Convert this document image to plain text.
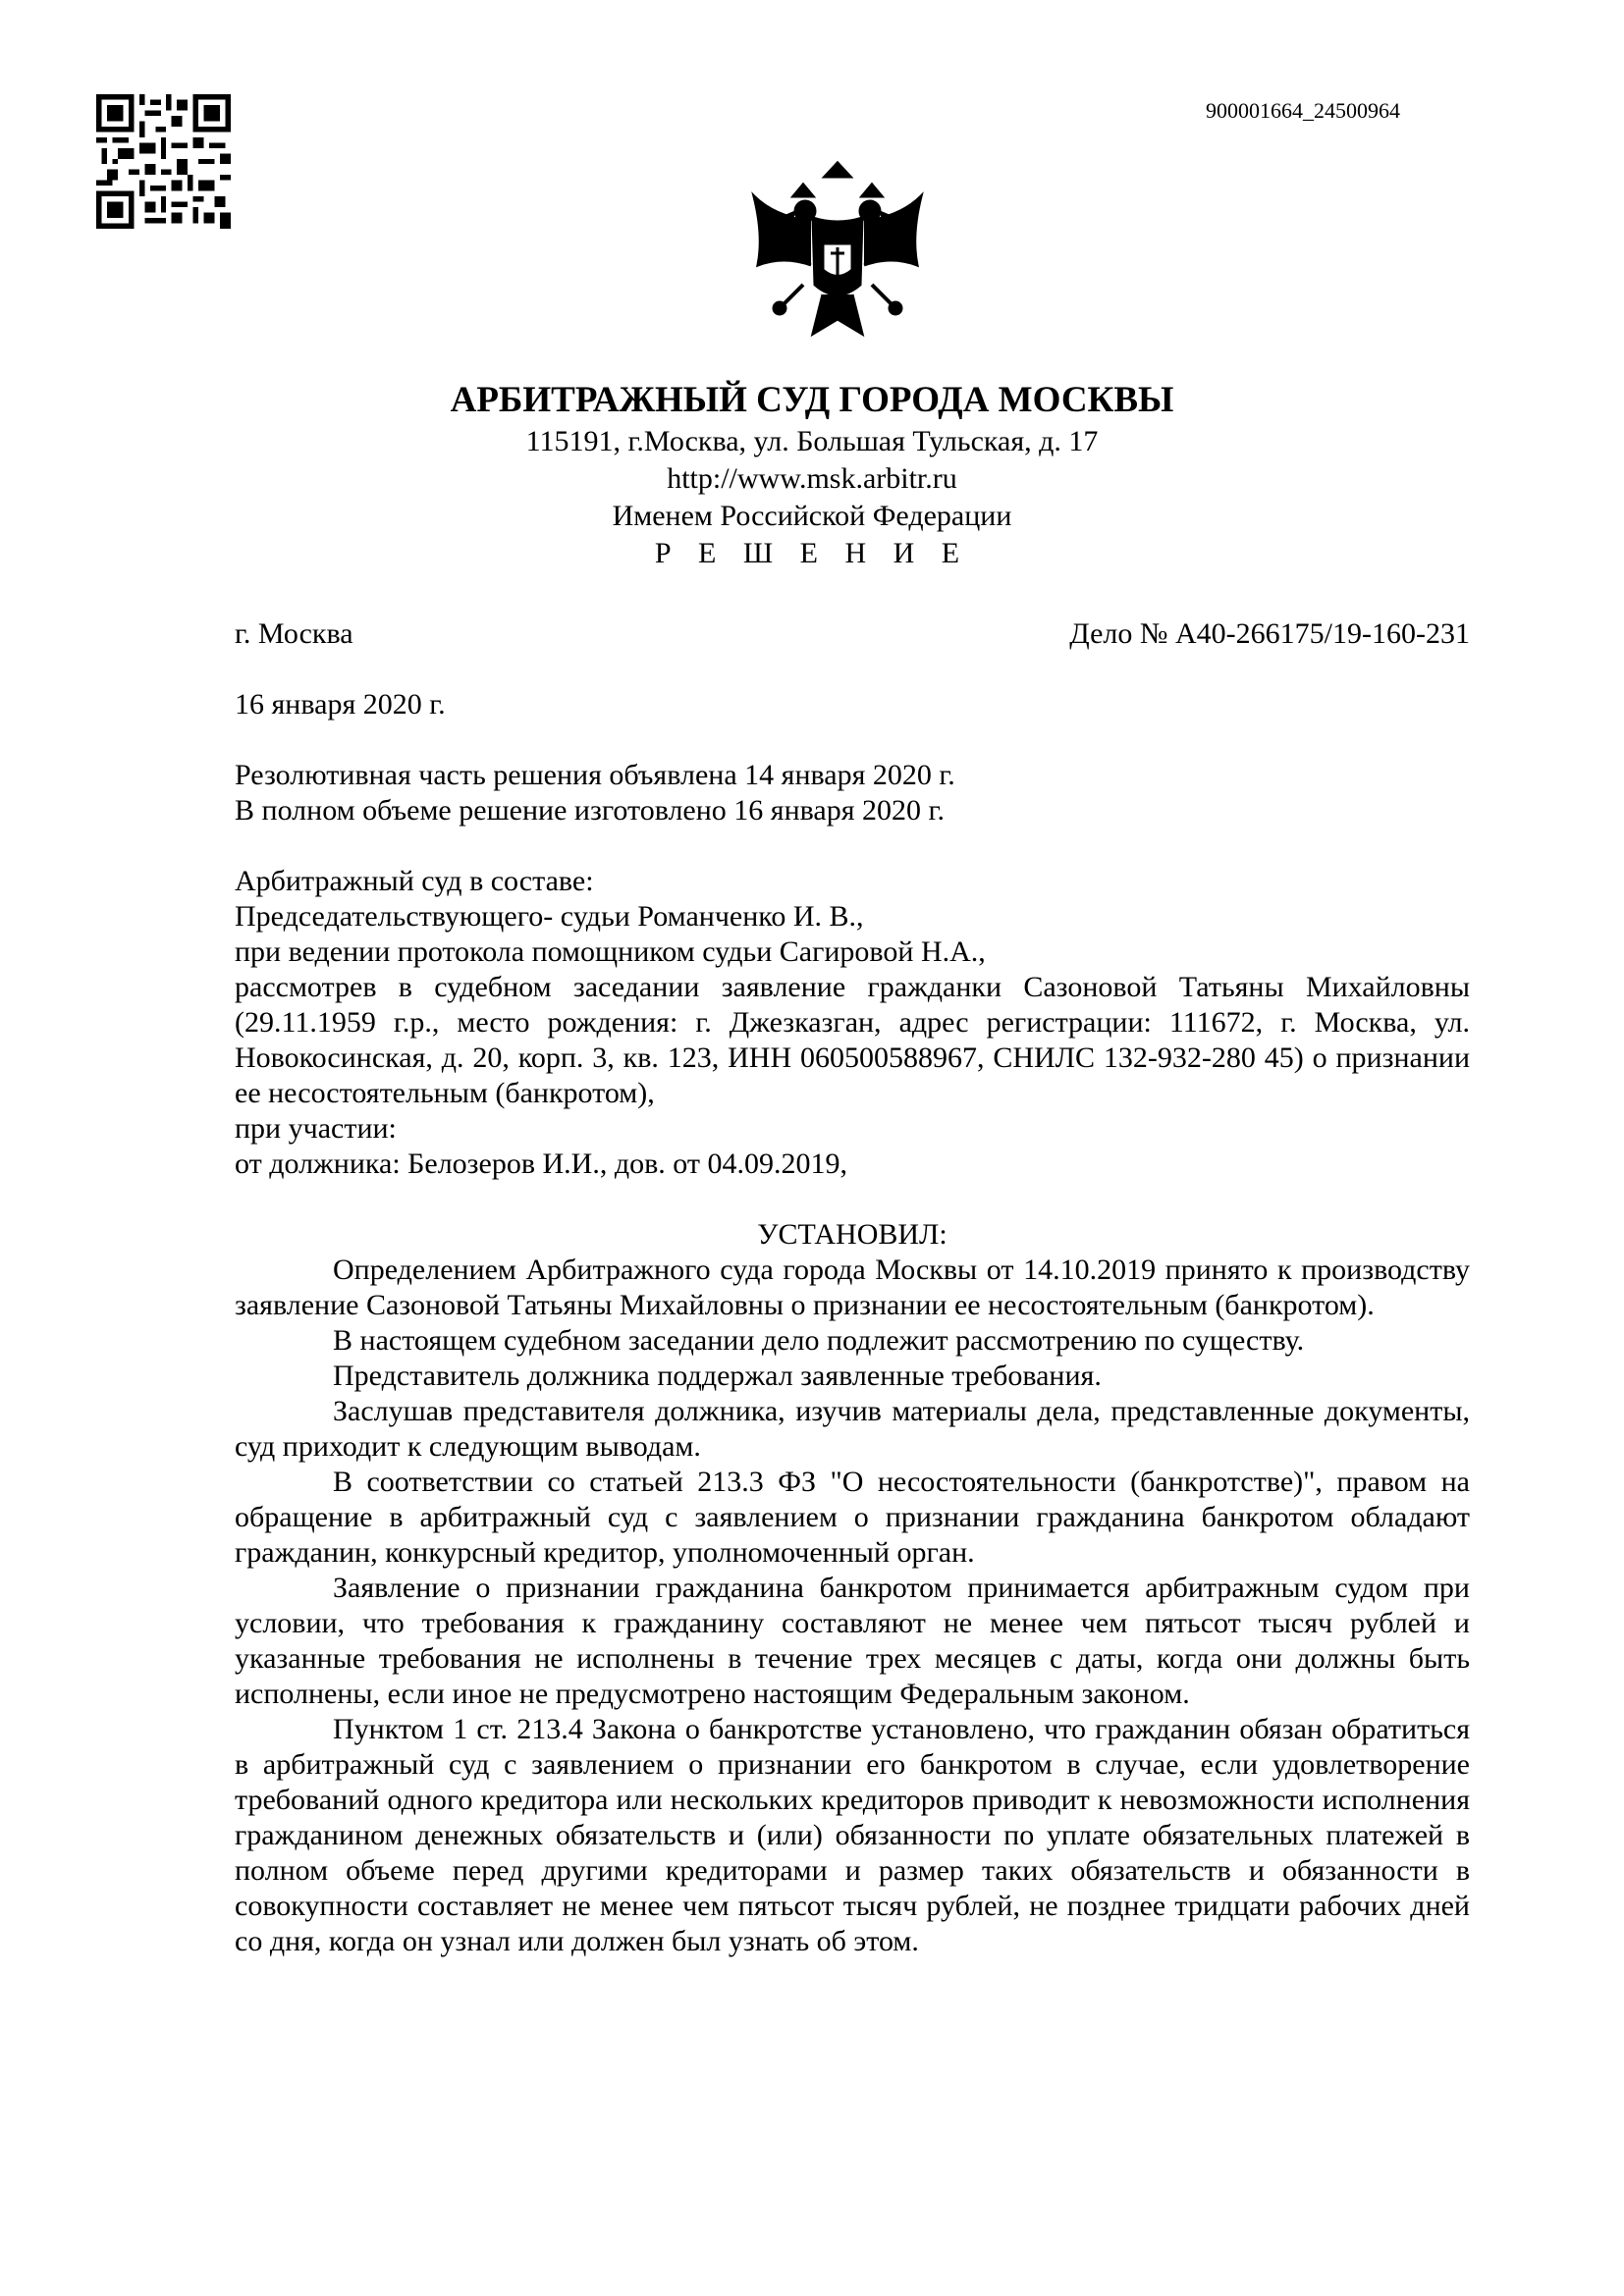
900001664_24500964
АРБИТРАЖНЫЙ СУД ГОРОДА МОСКВЫ
115191, г.Москва, ул. Большая Тульская, д. 17
http://www.msk.arbitr.ru
Именем Российской Федерации
Р Е Ш Е Н И Е
г. Москва	Дело № А40-266175/19-160-231

16 января 2020 г.

Резолютивная часть решения объявлена 14 января 2020 г.

В полном объеме решение изготовлено 16 января 2020 г.

Арбитражный суд в составе:

Председательствующего- судьи Романченко И. В.,

при ведении протокола помощником судьи Сагировой Н.А.,

рассмотрев в судебном заседании заявление гражданки Сазоновой Татьяны Михайловны (29.11.1959 г.р., место рождения: г. Джезказган, адрес регистрации: 111672, г. Москва, ул. Новокосинская, д. 20, корп. 3, кв. 123, ИНН 060500588967, СНИЛС 132-932-280 45) о признании ее несостоятельным (банкротом),

при участии:

от должника: Белозеров И.И., дов. от 04.09.2019,

УСТАНОВИЛ:

Определением Арбитражного суда города Москвы от 14.10.2019 принято к производству заявление Сазоновой Татьяны Михайловны о признании ее несостоятельным (банкротом).

В настоящем судебном заседании дело подлежит рассмотрению по существу.

Представитель должника поддержал заявленные требования.

Заслушав представителя должника, изучив материалы дела, представленные документы, суд приходит к следующим выводам.

В соответствии со статьей 213.3 ФЗ "О несостоятельности (банкротстве)", правом на обращение в арбитражный суд с заявлением о признании гражданина банкротом обладают гражданин, конкурсный кредитор, уполномоченный орган.

Заявление о признании гражданина банкротом принимается арбитражным судом при условии, что требования к гражданину составляют не менее чем пятьсот тысяч рублей и указанные требования не исполнены в течение трех месяцев с даты, когда они должны быть исполнены, если иное не предусмотрено настоящим Федеральным законом.

Пунктом 1 ст. 213.4 Закона о банкротстве установлено, что гражданин обязан обратиться в арбитражный суд с заявлением о признании его банкротом в случае, если удовлетворение требований одного кредитора или нескольких кредиторов приводит к невозможности исполнения гражданином денежных обязательств и (или) обязанности по уплате обязательных платежей в полном объеме перед другими кредиторами и размер таких обязательств и обязанности в совокупности составляет не менее чем пятьсот тысяч рублей, не позднее тридцати рабочих дней со дня, когда он узнал или должен был узнать об этом.
